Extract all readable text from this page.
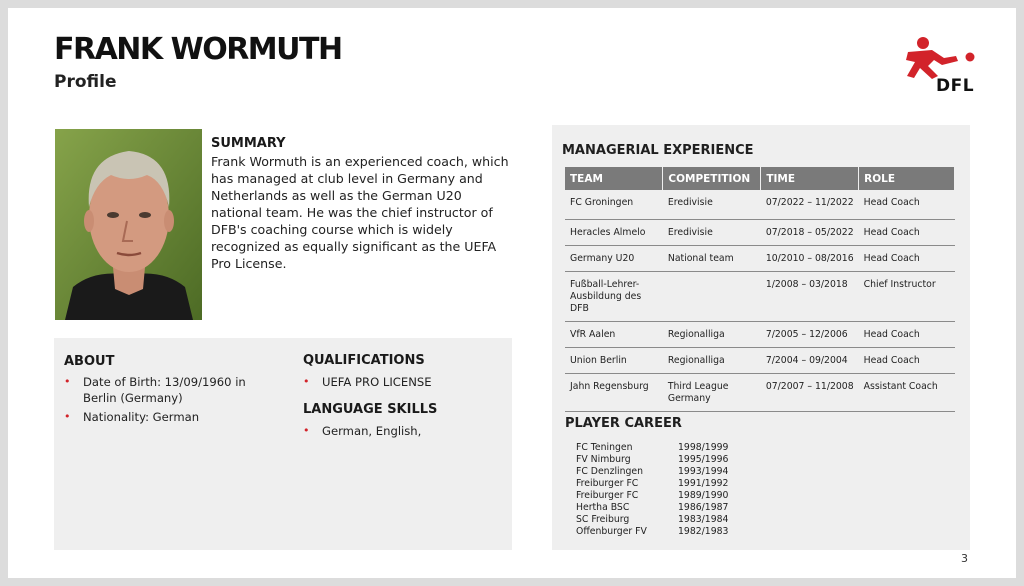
FRANK WORMUTH
Profile	DFL
SUMMARY
Frank Wormuth is an experienced coach, which has managed at club level in Germany and Netherlands as well as the German U20 national team. He was the chief instructor of DFB's coaching course which is widely recognized as equally significant as the UEFA Pro License.
ABOUT
• Date of Birth: 13/09/1960 in Berlin (Germany)
• Nationality: German
QUALIFICATIONS
• UEFA PRO LICENSE
LANGUAGE SKILLS
• German, English,
MANAGERIAL EXPERIENCE
TEAM	COMPETITION	TIME	ROLE
FC Groningen	Eredivisie	07/2022 – 11/2022	Head Coach
Heracles Almelo	Eredivisie	07/2018 – 05/2022	Head Coach
Germany U20	National team	10/2010 – 08/2016	Head Coach
Fußball-Lehrer-Ausbildung des DFB		1/2008 – 03/2018	Chief Instructor
VfR Aalen	Regionalliga	7/2005 – 12/2006	Head Coach
Union Berlin	Regionalliga	7/2004 – 09/2004	Head Coach
Jahn Regensburg	Third League Germany	07/2007 – 11/2008	Assistant Coach
PLAYER CAREER
FC Teningen	1998/1999
FV Nimburg	1995/1996
FC Denzlingen	1993/1994
Freiburger FC	1991/1992
Freiburger FC	1989/1990
Hertha BSC	1986/1987
SC Freiburg	1983/1984
Offenburger FV	1982/1983
3
